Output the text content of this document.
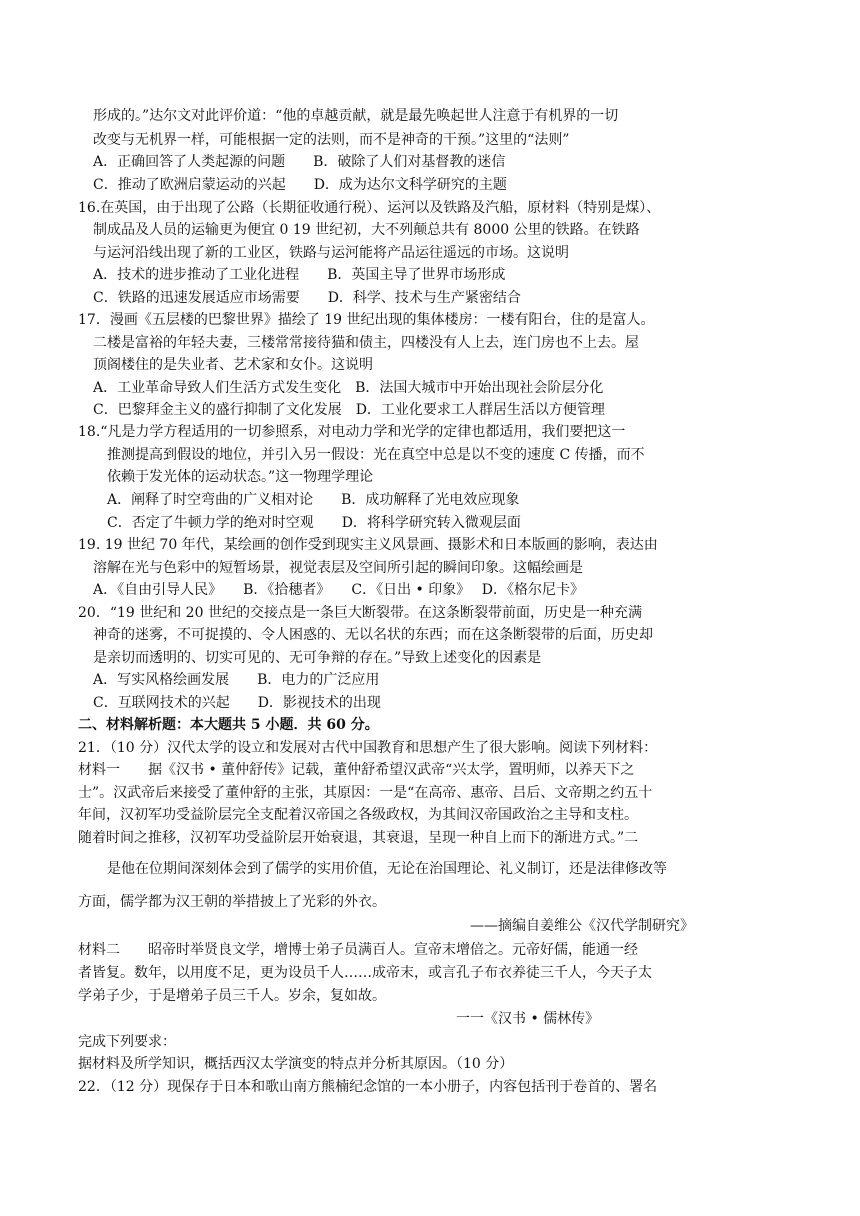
形成的。”达尔文对此评价道：“他的卓越贡献，就是最先唤起世人注意于有机界的一切
改变与无机界一样，可能根据一定的法则，而不是神奇的干预。”这里的“法则”
A．正确回答了人类起源的问题　　B．破除了人们对基督教的迷信
C．推动了欧洲启蒙运动的兴起　　D．成为达尔文科学研究的主题
16.在英国，由于出现了公路（长期征收通行税）、运河以及铁路及汽船，原材料（特别是煤）、
制成品及人员的运输更为便宜 0 19 世纪初，大不列颠总共有 8000 公里的铁路。在铁路
与运河沿线出现了新的工业区，铁路与运河能将产品运往遥远的市场。这说明
A．技术的进步推动了工业化进程　　B．英国主导了世界市场形成
C．铁路的迅速发展适应市场需要　　D．科学、技术与生产紧密结合
17．漫画《五层楼的巴黎世界》描绘了 19 世纪出现的集体楼房：一楼有阳台，住的是富人。
二楼是富裕的年轻夫妻，三楼常常接待猫和债主，四楼没有人上去，连门房也不上去。屋
顶阁楼住的是失业者、艺术家和女仆。这说明
A．工业革命导致人们生活方式发生变化　B．法国大城市中开始出现社会阶层分化
C．巴黎拜金主义的盛行抑制了文化发展　D．工业化要求工人群居生活以方便管理
18.“凡是力学方程适用的一切参照系，对电动力学和光学的定律也都适用，我们要把这一
推测提高到假设的地位，并引入另一假设：光在真空中总是以不变的速度 C 传播，而不
依赖于发光体的运动状态。”这一物理学理论
A．阐释了时空弯曲的广义相对论　　B．成功解释了光电效应现象
C．否定了牛顿力学的绝对时空观　　D．将科学研究转入微观层面
19. 19 世纪 70 年代，某绘画的创作受到现实主义风景画、摄影术和日本版画的影响，表达由
溶解在光与色彩中的短暂场景，视觉表层及空间所引起的瞬间印象。这幅绘画是
A．《自由引导人民》　　B．《拾穗者》　　C．《日出 • 印象》　 D．《格尔尼卡》
20．“19 世纪和 20 世纪的交接点是一条巨大断裂带。在这条断裂带前面，历史是一种充满
神奇的迷雾，不可捉摸的、令人困惑的、无以名状的东西；而在这条断裂带的后面，历史却
是亲切而透明的、切实可见的、无可争辩的存在。”导致上述变化的因素是
A．写实风格绘画发展　　B．电力的广泛应用
C．互联网技术的兴起　　D．影视技术的出现
二、材料解析题：本大题共 5 小题．共 60 分。
21．（10 分）汉代太学的设立和发展对古代中国教育和思想产生了很大影响。阅读下列材料：
材料一　　据《汉书 • 董仲舒传》记载，董仲舒希望汉武帝“兴太学，置明师，以养天下之
士”。汉武帝后来接受了董仲舒的主张，其原因：一是“在高帝、惠帝、吕后、文帝期之约五十
年间，汉初军功受益阶层完全支配着汉帝国之各级政权，为其间汉帝国政治之主导和支柱。
随着时间之推移，汉初军功受益阶层开始衰退，其衰退，呈现一种自上而下的渐进方式。”二
是他在位期间深刻体会到了儒学的实用价值，无论在治国理论、礼义制订，还是法律修改等
方面，儒学都为汉王朝的举措披上了光彩的外衣。
——摘编自姜维公《汉代学制研究》
材料二　　昭帝时举贤良文学，增博士弟子员满百人。宣帝末增倍之。元帝好儒，能通一经
者皆复。数年，以用度不足，更为设员千人……成帝末，或言孔子布衣养徒三千人，今天子太
学弟子少，于是增弟子员三千人。岁余，复如故。
一一《汉书 • 儒林传》
完成下列要求：
据材料及所学知识，概括西汉太学演变的特点并分析其原因。（10 分）
22．（12 分）现保存于日本和歌山南方熊楠纪念馆的一本小册子，内容包括刊于卷首的、署名
